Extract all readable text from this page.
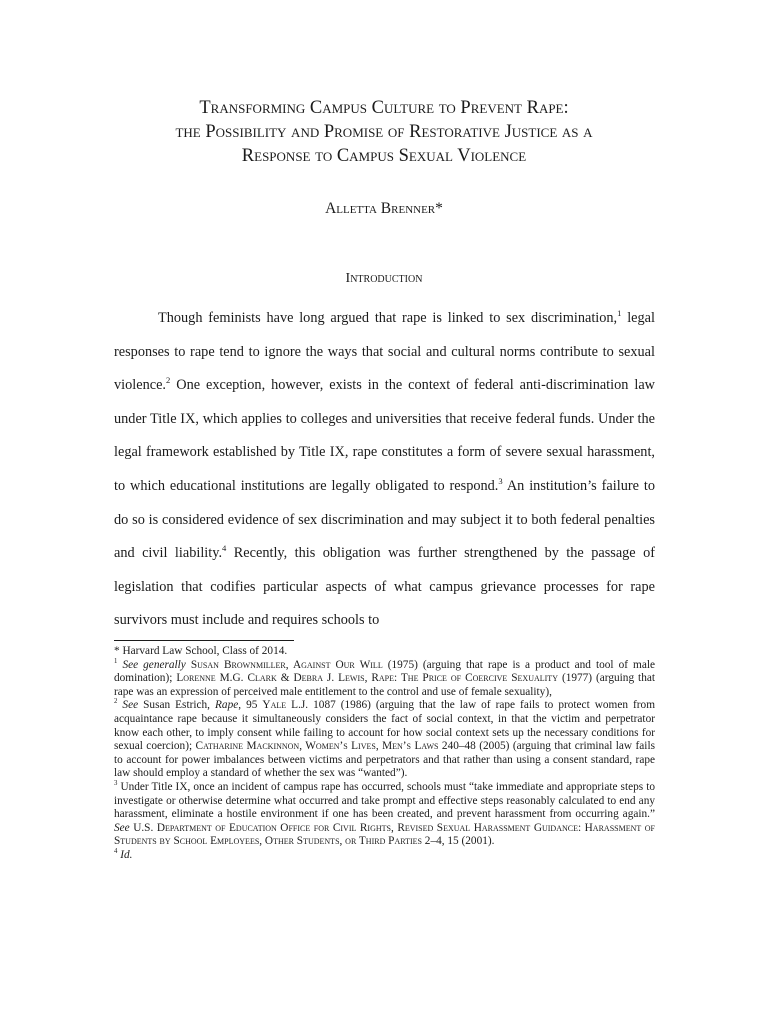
Transforming Campus Culture to Prevent Rape:
the Possibility and Promise of Restorative Justice as a
Response to Campus Sexual Violence
Alletta Brenner*
Introduction

Though feminists have long argued that rape is linked to sex discrimination,$^1$ legal responses to rape tend to ignore the ways that social and cultural norms contribute to sexual violence.$^2$ One exception, however, exists in the context of federal anti-discrimination law under Title IX, which applies to colleges and universities that receive federal funds. Under the legal framework established by Title IX, rape constitutes a form of severe sexual harassment, to which educational institutions are legally obligated to respond.$^3$ An institution’s failure to do so is considered evidence of sex discrimination and may subject it to both federal penalties and civil liability.$^4$ Recently, this obligation was further strengthened by the passage of legislation that codifies particular aspects of what campus grievance processes for rape survivors must include and requires schools to

* Harvard Law School, Class of 2014.

$^1$ See generally Susan Brownmiller, Against Our Will (1975) (arguing that rape is a product and tool of male domination); Lorenne M.G. Clark & Debra J. Lewis, Rape: The Price of Coercive Sexuality (1977) (arguing that rape was an expression of perceived male entitlement to the control and use of female sexuality),

$^2$ See Susan Estrich, Rape, 95 Yale L.J. 1087 (1986) (arguing that the law of rape fails to protect women from acquaintance rape because it simultaneously considers the fact of social context, in that the victim and perpetrator know each other, to imply consent while failing to account for how social context sets up the necessary conditions for sexual coercion); Catharine Mackinnon, Women’s Lives, Men’s Laws 240–48 (2005) (arguing that criminal law fails to account for power imbalances between victims and perpetrators and that rather than using a consent standard, rape law should employ a standard of whether the sex was “wanted”).

$^3$ Under Title IX, once an incident of campus rape has occurred, schools must “take immediate and appropriate steps to investigate or otherwise determine what occurred and take prompt and effective steps reasonably calculated to end any harassment, eliminate a hostile environment if one has been created, and prevent harassment from occurring again.” See U.S. Department of Education Office for Civil Rights, Revised Sexual Harassment Guidance: Harassment of Students by School Employees, Other Students, or Third Parties 2–4, 15 (2001).

$^4$ Id.
